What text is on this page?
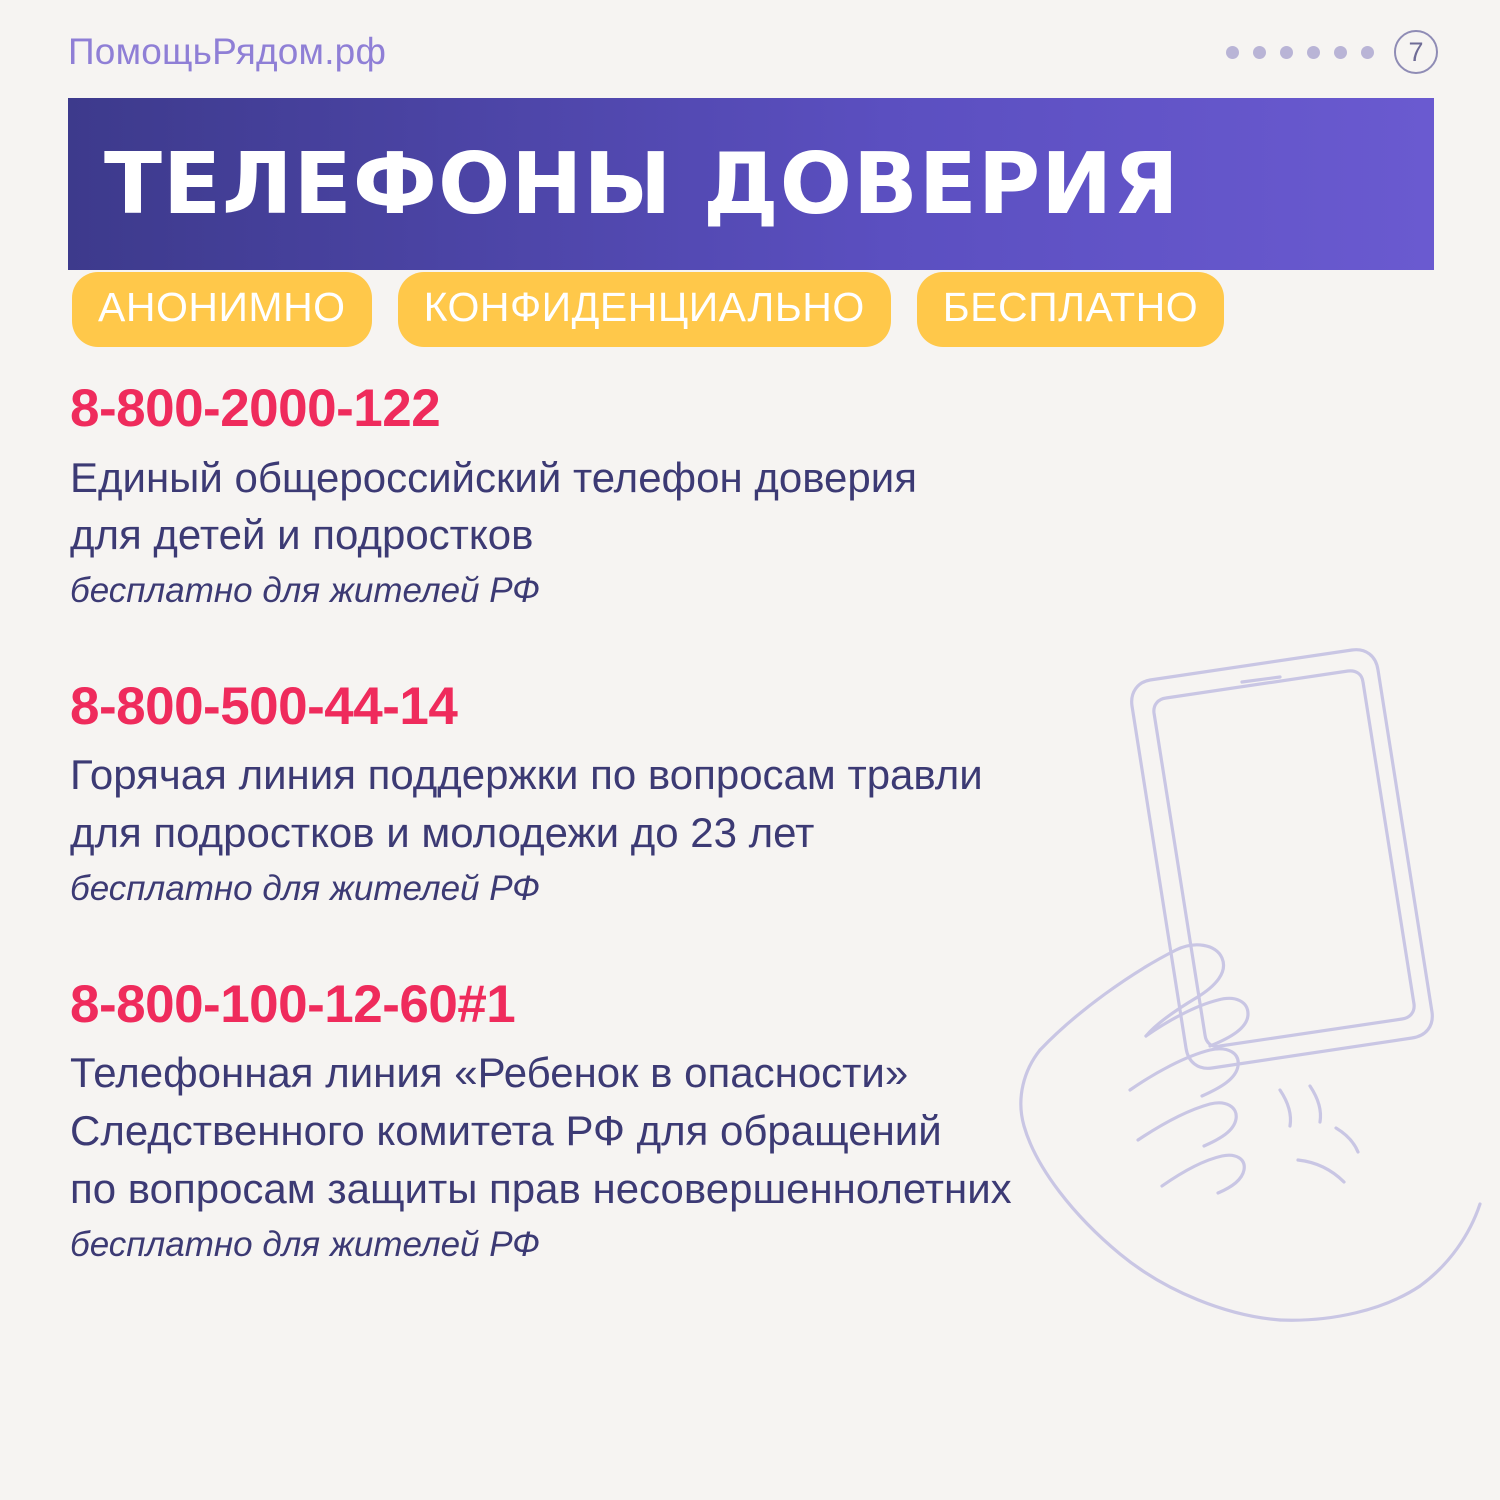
ПомощьРядом.рф	7
ТЕЛЕФОНЫ ДОВЕРИЯ
АНОНИМНО	КОНФИДЕНЦИАЛЬНО	БЕСПЛАТНО
8-800-2000-122
Единый общероссийский телефон доверия
для детей и подростков
бесплатно для жителей РФ
8-800-500-44-14
Горячая линия поддержки по вопросам травли
для подростков и молодежи до 23 лет
бесплатно для жителей РФ
8-800-100-12-60#1
Телефонная линия «Ребенок в опасности»
Следственного комитета РФ для обращений
по вопросам защиты прав несовершеннолетних
бесплатно для жителей РФ
